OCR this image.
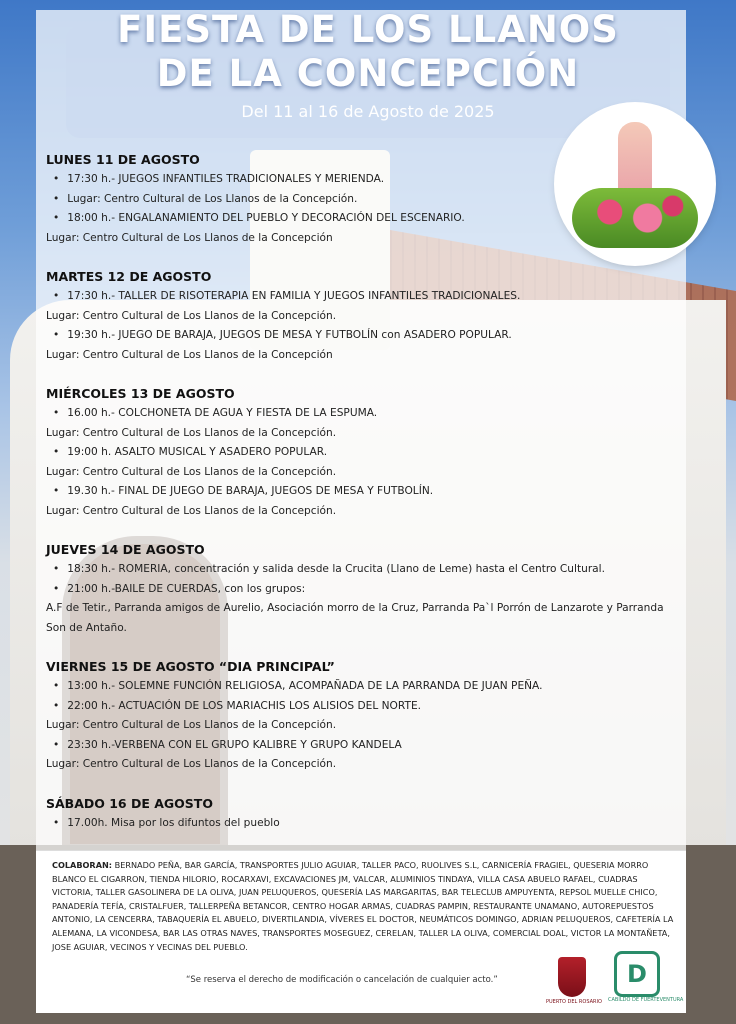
FIESTA DE LOS LLANOS
DE LA CONCEPCIÓN

Del 11 al 16 de Agosto de 2025

LUNES 11 DE AGOSTO
• 17:30 h.- JUEGOS INFANTILES TRADICIONALES Y MERIENDA.
• Lugar: Centro Cultural de Los Llanos de la Concepción.
• 18:00 h.- ENGALANAMIENTO DEL PUEBLO Y DECORACIÓN DEL ESCENARIO.
Lugar: Centro Cultural de Los Llanos de la Concepción
MARTES 12 DE AGOSTO
• 17:30 h.- TALLER DE RISOTERAPIA EN FAMILIA Y JUEGOS INFANTILES TRADICIONALES.
Lugar: Centro Cultural de Los Llanos de la Concepción.
• 19:30 h.- JUEGO DE BARAJA, JUEGOS DE MESA Y FUTBOLÍN con ASADERO POPULAR.
Lugar: Centro Cultural de Los Llanos de la Concepción
MIÉRCOLES 13 DE AGOSTO
• 16.00 h.- COLCHONETA DE AGUA Y FIESTA DE LA ESPUMA.
Lugar: Centro Cultural de Los Llanos de la Concepción.
• 19:00 h. ASALTO MUSICAL Y ASADERO POPULAR.
Lugar: Centro Cultural de Los Llanos de la Concepción.
• 19.30 h.- FINAL DE JUEGO DE BARAJA, JUEGOS DE MESA Y FUTBOLÍN.
Lugar: Centro Cultural de Los Llanos de la Concepción.
JUEVES 14 DE AGOSTO
• 18:30 h.- ROMERIA, concentración y salida desde la Crucita (Llano de Leme) hasta el Centro Cultural.
• 21:00 h.-BAILE DE CUERDAS, con los grupos:
A.F de Tetir., Parranda amigos de Aurelio, Asociación morro de la Cruz, Parranda Pa`l Porrón de Lanzarote y Parranda Son de Antaño.
VIERNES 15 DE AGOSTO “DIA PRINCIPAL”
• 13:00 h.- SOLEMNE FUNCIÓN RELIGIOSA, ACOMPAÑADA DE LA PARRANDA DE JUAN PEÑA.
• 22:00 h.- ACTUACIÓN DE LOS MARIACHIS LOS ALISIOS DEL NORTE.
Lugar: Centro Cultural de Los Llanos de la Concepción.
• 23:30 h.-VERBENA CON EL GRUPO KALIBRE Y GRUPO KANDELA
Lugar: Centro Cultural de Los Llanos de la Concepción.
SÁBADO 16 DE AGOSTO
• 17.00h. Misa por los difuntos del pueblo
COLABORAN: BERNADO PEÑA, BAR GARCÍA, TRANSPORTES JULIO AGUIAR, TALLER PACO, RUOLIVES S.L, CARNICERÍA FRAGIEL, QUESERIA MORRO BLANCO EL CIGARRON, TIENDA HILORIO, ROCARXAVI, EXCAVACIONES JM, VALCAR, ALUMINIOS TINDAYA, VILLA CASA ABUELO RAFAEL, CUADRAS VICTORIA, TALLER GASOLINERA DE LA OLIVA, JUAN PELUQUEROS, QUESERÍA LAS MARGARITAS, BAR TELECLUB AMPUYENTA, REPSOL MUELLE CHICO, PANADERÍA TEFÍA, CRISTALFUER, TALLERPEÑA BETANCOR, CENTRO HOGAR ARMAS, CUADRAS PAMPIN, RESTAURANTE UNAMANO, AUTOREPUESTOS ANTONIO, LA CENCERRA, TABAQUERÍA EL ABUELO, DIVERTILANDIA, VÍVERES EL DOCTOR, NEUMÁTICOS DOMINGO, ADRIAN PELUQUEROS, CAFETERÍA LA ALEMANA, LA VICONDESA, BAR LAS OTRAS NAVES, TRANSPORTES MOSEGUEZ, CERELAN, TALLER LA OLIVA, COMERCIAL DOAL, VICTOR LA MONTAÑETA, JOSE AGUIAR, VECINOS Y VECINAS DEL PUEBLO.
“Se reserva el derecho de modificación o cancelación de cualquier acto.”
PUERTO DEL ROSARIO
D
CABILDO DE FUERTEVENTURA
